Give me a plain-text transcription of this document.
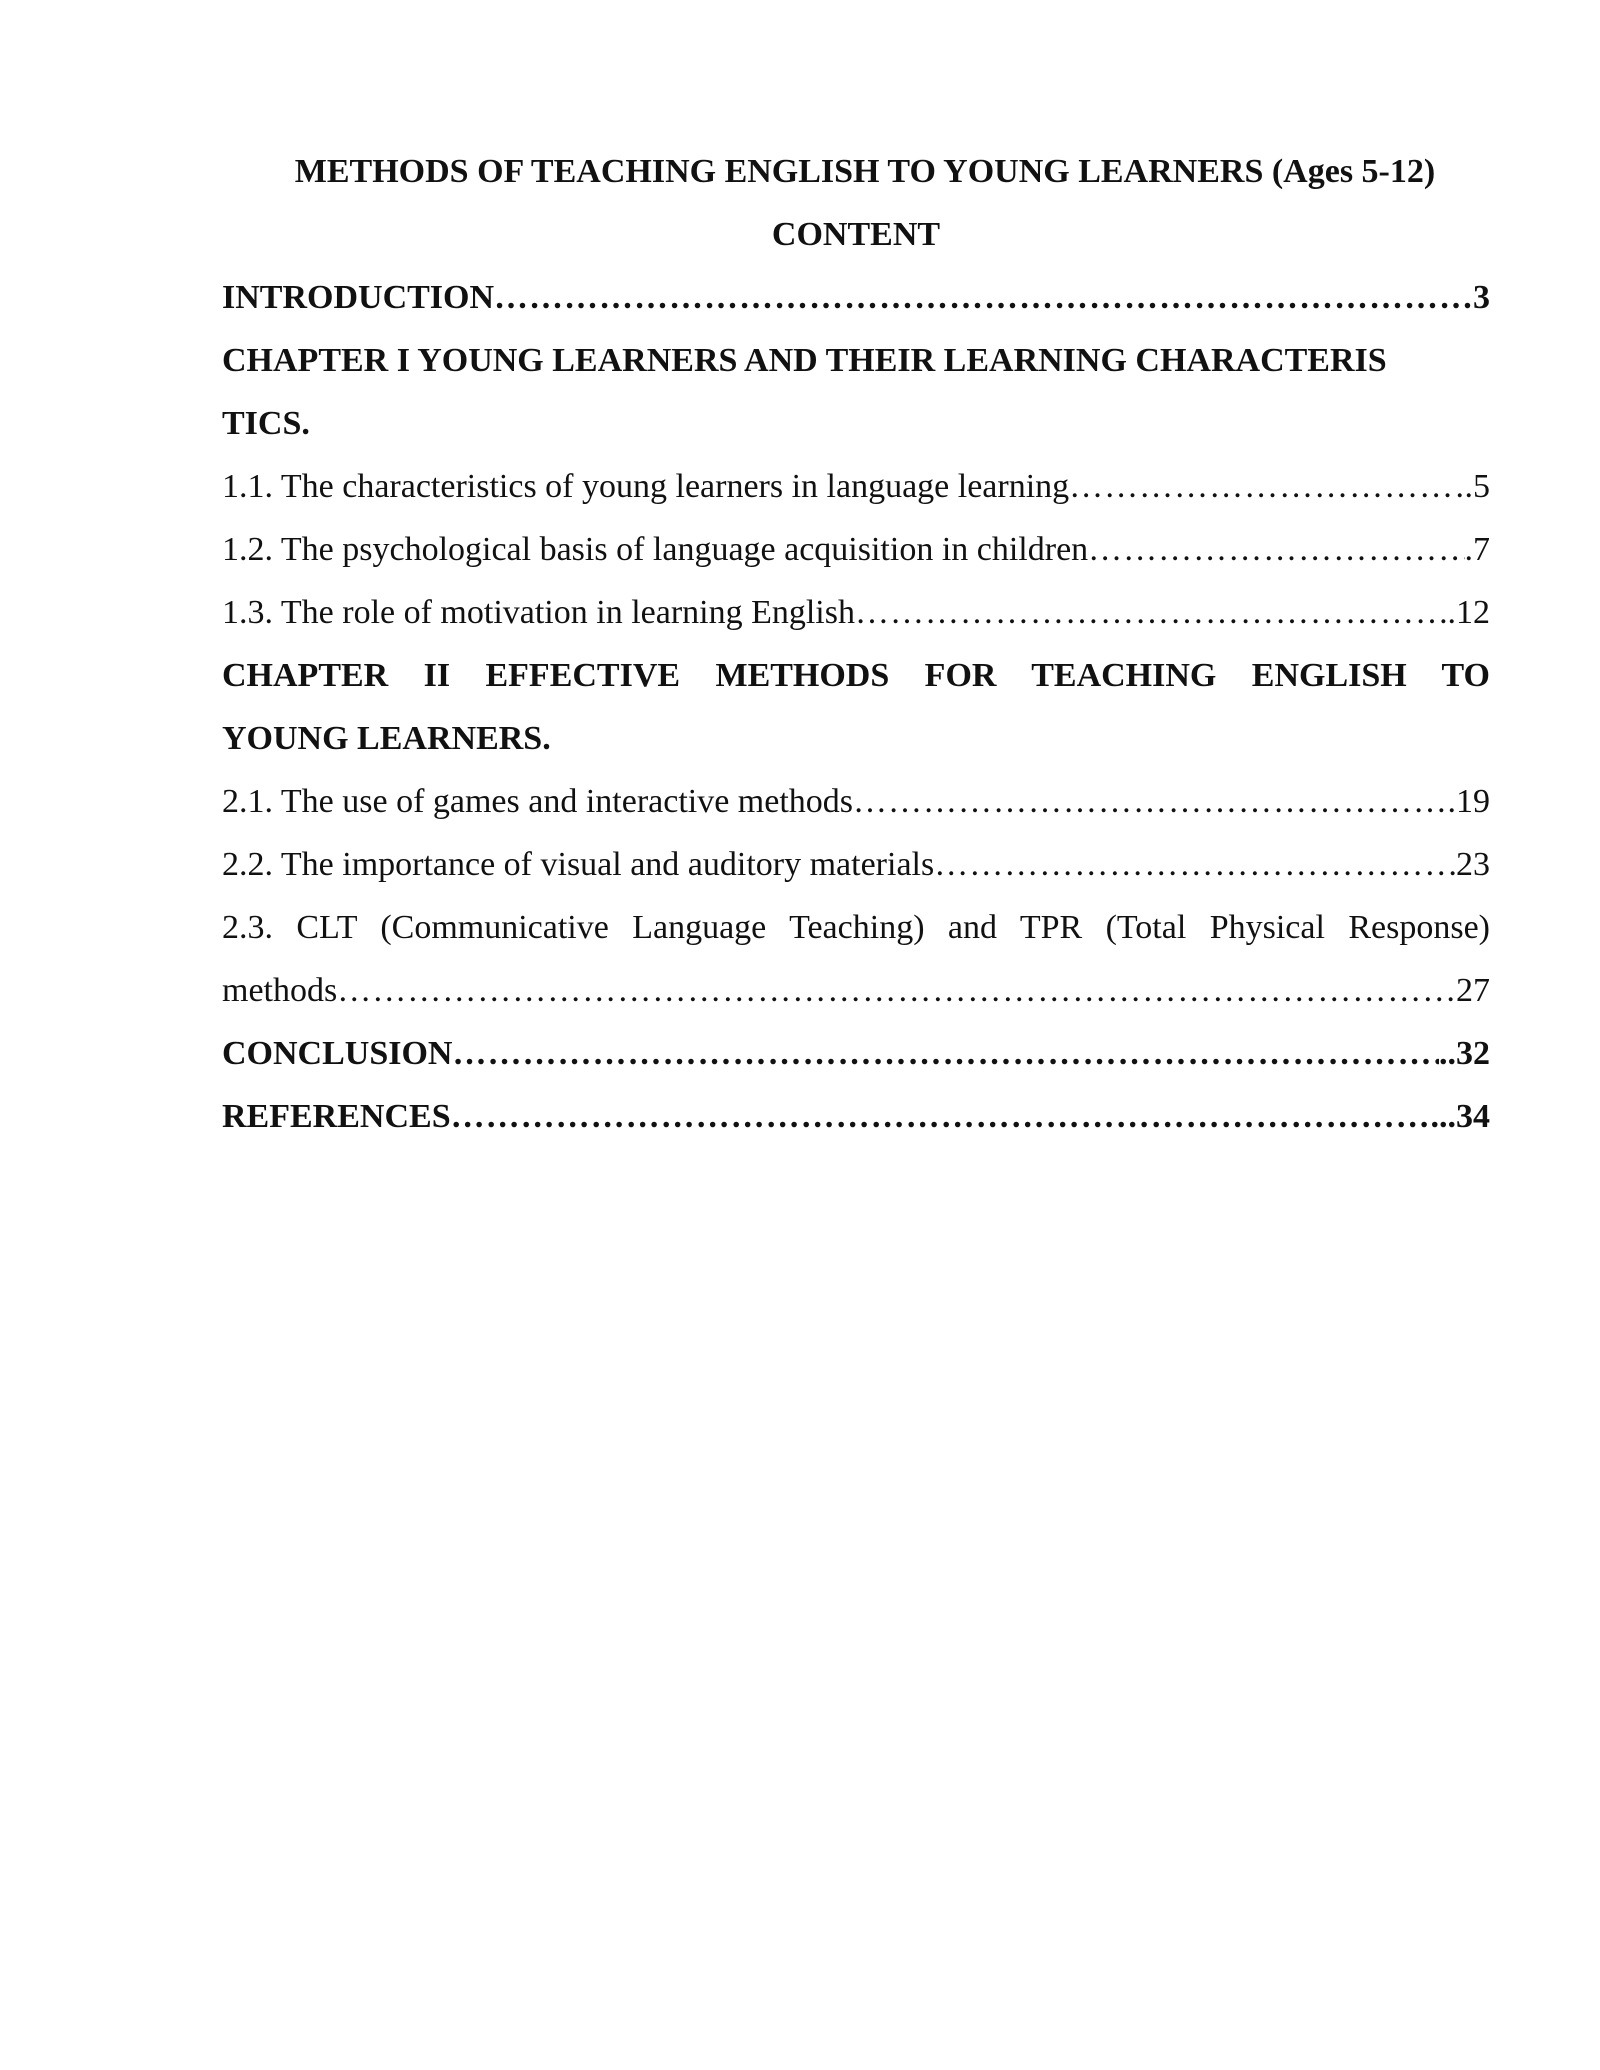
METHODS OF TEACHING ENGLISH TO YOUNG LEARNERS (Ages 5-12)
CONTENT
INTRODUCTION ……………………………………………………………………………………………………………………………………………………………………………………………………………………………………	3
CHAPTER I YOUNG LEARNERS AND THEIR LEARNING CHARACTERIS
TICS.
1.1. The characteristics of young learners in language learning ……………………………………………………………………………………………………………………………………………………………………………………………………………………………………	.5
1.2. The psychological basis of language acquisition in children ……………………………………………………………………………………………………………………………………………………………………………………………………………………………………	.7
1.3. The role of motivation in learning English ……………………………………………………………………………………………………………………………………………………………………………………………………………………………………	.12
CHAPTER II EFFECTIVE METHODS FOR TEACHING ENGLISH TO
YOUNG LEARNERS.
2.1. The use of games and interactive methods ……………………………………………………………………………………………………………………………………………………………………………………………………………………………………	.19
2.2. The importance of visual and auditory materials ……………………………………………………………………………………………………………………………………………………………………………………………………………………………………	23
2.3. CLT (Communicative Language Teaching) and TPR (Total Physical Response)
methods ……………………………………………………………………………………………………………………………………………………………………………………………………………………………………	27
CONCLUSION ……………………………………………………………………………………………………………………………………………………………………………………………………………………………………	..32
REFERENCES ……………………………………………………………………………………………………………………………………………………………………………………………………………………………………	...34
